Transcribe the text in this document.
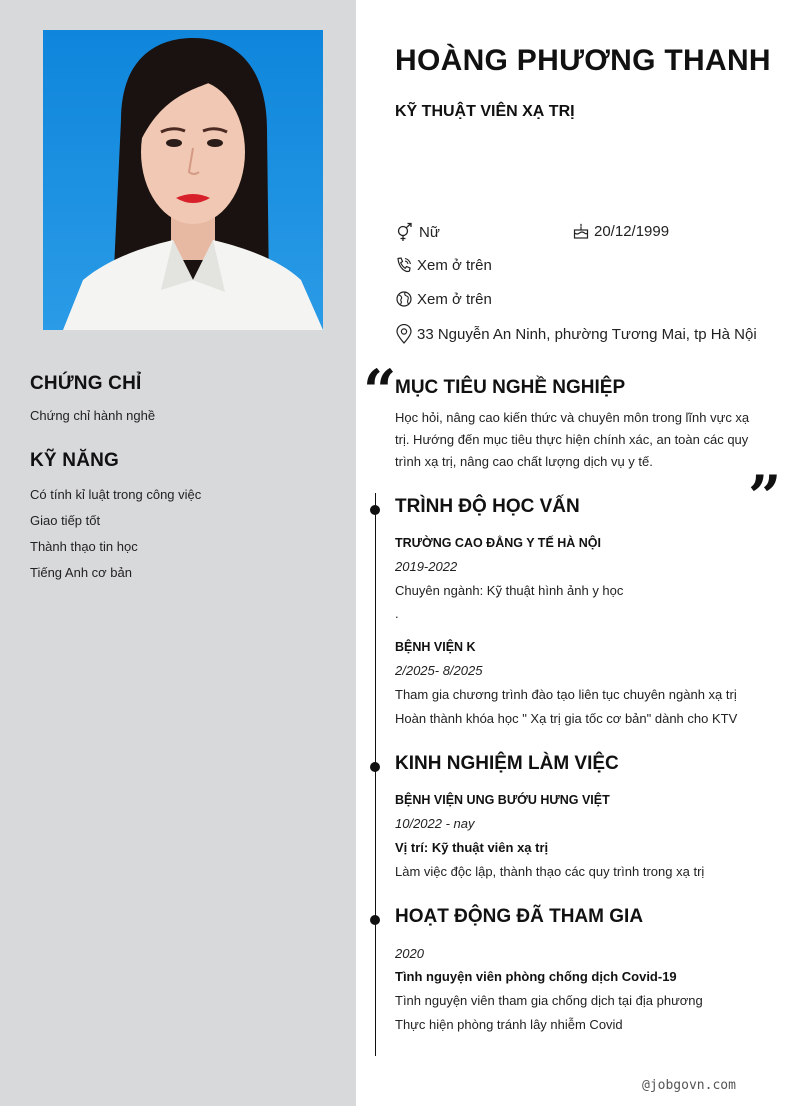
CHỨNG CHỈ
Chứng chỉ hành nghề
KỸ NĂNG
Có tính kỉ luật trong công việc
Giao tiếp tốt
Thành thạo tin học
Tiếng Anh cơ bản
HOÀNG PHƯƠNG THANH
KỸ THUẬT VIÊN XẠ TRỊ
Nữ	20/12/1999
Xem ở trên
Xem ở trên
33 Nguyễn An Ninh, phường Tương Mai, tp Hà Nội
“
MỤC TIÊU NGHỀ NGHIỆP
Học hỏi, nâng cao kiến thức và chuyên môn trong lĩnh vực xạ trị. Hướng đến mục tiêu thực hiện chính xác, an toàn các quy trình xạ trị, nâng cao chất lượng dịch vụ y tế.
”
TRÌNH ĐỘ HỌC VẤN
TRƯỜNG CAO ĐẲNG Y TẾ HÀ NỘI
2019-2022
Chuyên ngành: Kỹ thuật hình ảnh y học
.
BỆNH VIỆN K
2/2025- 8/2025
Tham gia chương trình đào tạo liên tục chuyên ngành xạ trị
Hoàn thành khóa học " Xạ trị gia tốc cơ bản" dành cho KTV
KINH NGHIỆM LÀM VIỆC
BỆNH VIỆN UNG BƯỚU HƯNG VIỆT
10/2022 - nay
Vị trí: Kỹ thuật viên xạ trị
Làm việc độc lập, thành thạo các quy trình trong xạ trị
HOẠT ĐỘNG ĐÃ THAM GIA
2020
Tình nguyện viên phòng chống dịch Covid-19
Tình nguyện viên tham gia chống dịch tại địa phương
Thực hiện phòng tránh lây nhiễm Covid
@jobgovn.com
